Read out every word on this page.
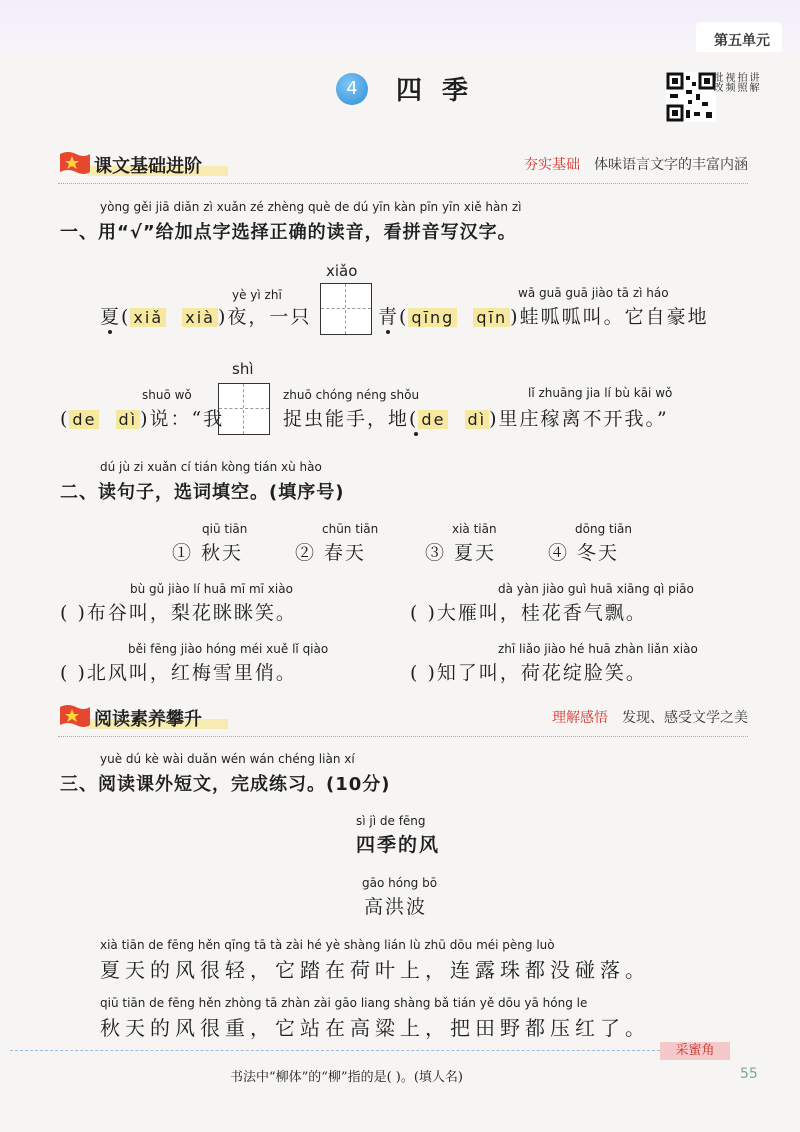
第五单元
4	四季	讲解
拍照
视频
批改
课文基础进阶	夯实基础 体味语言文字的丰富内涵
yòng gěi jiā diǎn zì xuǎn zé zhèng què de dú yīn kàn pīn yīn xiě hàn zì
一、用“√”给加点字选择正确的读音，看拼音写汉字。
xiǎo
yè yì zhī	wā guā guā jiào tā zì háo
夏( xiǎ xià )夜，一只	青( qīng qīn )蛙呱呱叫。它自豪地
shì
shuō wǒ	zhuō chóng néng shǒu	lǐ zhuāng jia lí bù kāi wǒ
( de dì )说：“我	捉虫能手，地( de dì )里庄稼离不开我。”
dú jù zi xuǎn cí tián kòng tián xù hào
二、读句子，选词填空。(填序号)
qiū tiān	chūn tiān	xià tiān	dōng tiān
① 秋天	② 春天	③ 夏天	④ 冬天
bù gǔ jiào lí huā mī mī xiào
( )布谷叫，梨花眯眯笑。
dà yàn jiào guì huā xiāng qì piāo
( )大雁叫，桂花香气飘。
běi fēng jiào hóng méi xuě lǐ qiào
( )北风叫，红梅雪里俏。
zhī liǎo jiào hé huā zhàn liǎn xiào
( )知了叫，荷花绽脸笑。
阅读素养攀升	理解感悟 发现、感受文学之美
yuè dú kè wài duǎn wén wán chéng liàn xí
三、阅读课外短文，完成练习。(10分)
sì jì de fēng
四季的风
gāo hóng bō
高洪波
xià tiān de fēng hěn qīng tā tà zài hé yè shàng lián lù zhū dōu méi pèng luò
夏天的风很轻，它踏在荷叶上，连露珠都没碰落。
qiū tiān de fēng hěn zhòng tā zhàn zài gāo liang shàng bǎ tián yě dōu yā hóng le
秋天的风很重，它站在高粱上，把田野都压红了。
采蜜角
书法中“柳体”的“柳”指的是( )。(填人名)	55
